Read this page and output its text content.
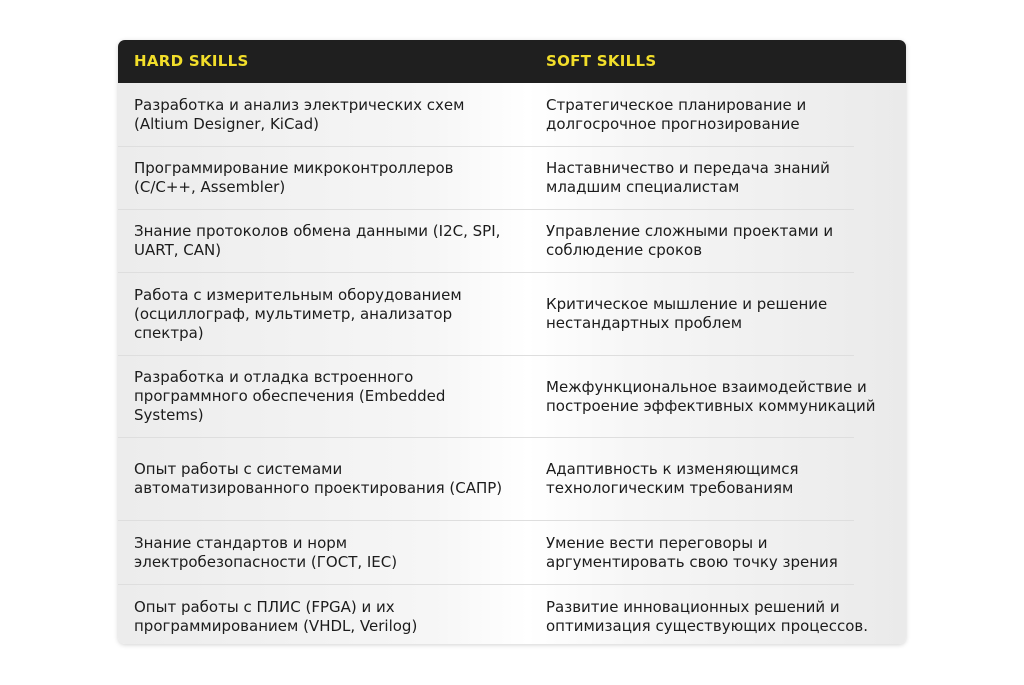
HARD SKILLS	SOFT SKILLS
Разработка и анализ электрических схем (Altium Designer, KiCad)
Стратегическое планирование и долгосрочное прогнозирование
Программирование микроконтроллеров (C/C++, Assembler)
Наставничество и передача знаний младшим специалистам
Знание протоколов обмена данными (I2C, SPI, UART, CAN)
Управление сложными проектами и соблюдение сроков
Работа с измерительным оборудованием (осциллограф, мультиметр, анализатор спектра)
Критическое мышление и решение нестандартных проблем
Разработка и отладка встроенного программного обеспечения (Embedded Systems)
Межфункциональное взаимодействие и построение эффективных коммуникаций
Опыт работы с системами автоматизированного проектирования (САПР)
Адаптивность к изменяющимся технологическим требованиям
Знание стандартов и норм электробезопасности (ГОСТ, IEC)
Умение вести переговоры и аргументировать свою точку зрения
Опыт работы с ПЛИС (FPGA) и их программированием (VHDL, Verilog)
Развитие инновационных решений и оптимизация существующих процессов.
